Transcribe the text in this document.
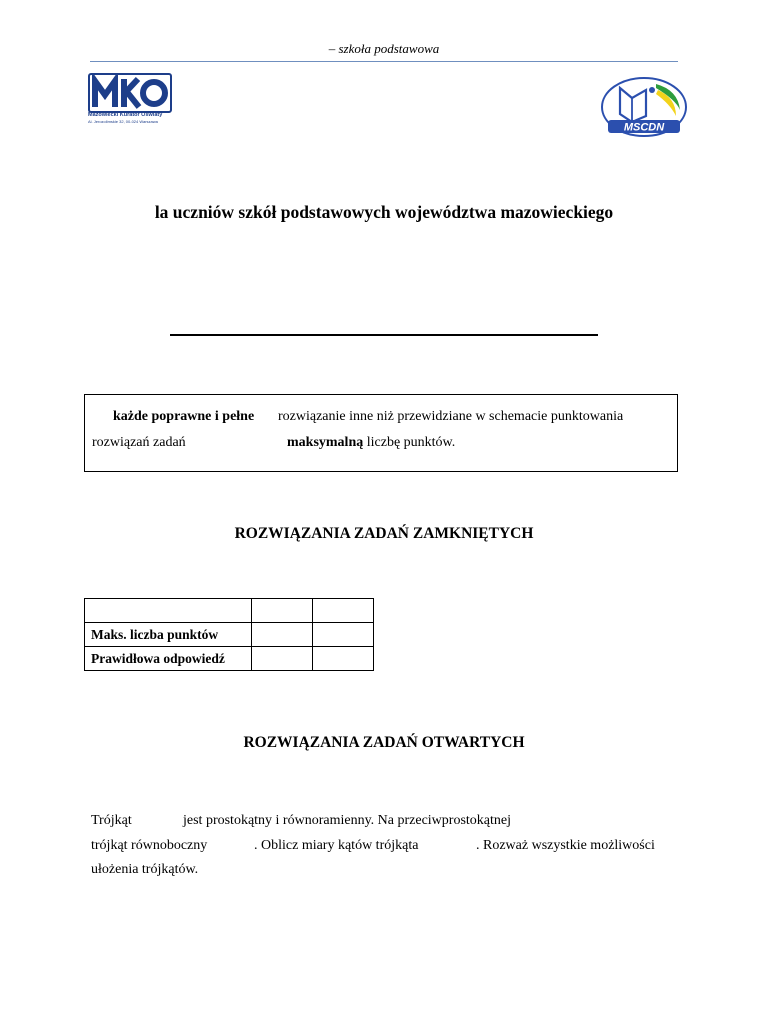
– szkoła podstawowa
Mazowiecki Kurator Oświaty
Al. Jerozolimskie 32, 00-024 Warszawa	MSCDN
la uczniów szkół podstawowych województwa mazowieckiego
każde poprawne i pełne rozwiązanie inne niż przewidziane w schemacie punktowania
rozwiązań zadań	maksymalną liczbę punktów.
ROZWIĄZANIA ZADAŃ ZAMKNIĘTYCH

Maks. liczba punktów		
Prawidłowa odpowiedź		
ROZWIĄZANIA ZADAŃ OTWARTYCH
Trójkąt	jest prostokątny i równoramienny. Na przeciwprostokątnej
trójkąt równoboczny	. Oblicz miary kątów trójkąta	. Rozważ wszystkie możliwości
ułożenia trójkątów.
